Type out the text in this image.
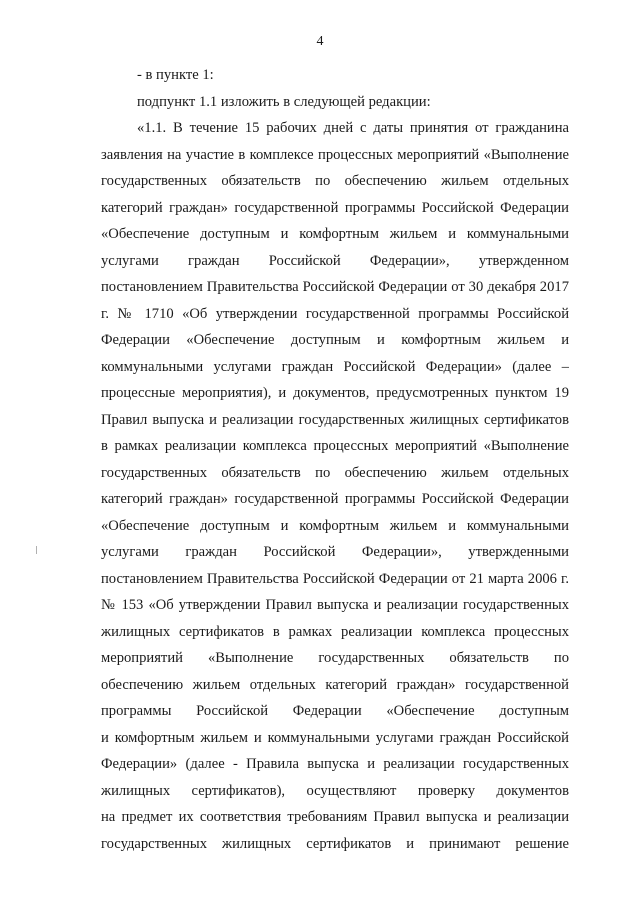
4
- в пункте 1:
подпункт 1.1 изложить в следующей редакции:
«1.1. В течение 15 рабочих дней с даты принятия от гражданина
заявления на участие в комплексе процессных мероприятий «Выполнение
государственных обязательств по обеспечению жильем отдельных
категорий граждан» государственной программы Российской Федерации
«Обеспечение доступным и комфортным жильем и коммунальными
услугами граждан Российской Федерации», утвержденном
постановлением Правительства Российской Федерации от 30 декабря 2017
г. № 1710 «Об утверждении государственной программы Российской
Федерации «Обеспечение доступным и комфортным жильем и
коммунальными услугами граждан Российской Федерации» (далее –
процессные мероприятия), и документов, предусмотренных пунктом 19
Правил выпуска и реализации государственных жилищных сертификатов
в рамках реализации комплекса процессных мероприятий «Выполнение
государственных обязательств по обеспечению жильем отдельных
категорий граждан» государственной программы Российской Федерации
«Обеспечение доступным и комфортным жильем и коммунальными
услугами граждан Российской Федерации», утвержденными
постановлением Правительства Российской Федерации от 21 марта 2006 г.
№ 153 «Об утверждении Правил выпуска и реализации государственных
жилищных сертификатов в рамках реализации комплекса процессных
мероприятий «Выполнение государственных обязательств по
обеспечению жильем отдельных категорий граждан» государственной
программы Российской Федерации «Обеспечение доступным
и комфортным жильем и коммунальными услугами граждан Российской
Федерации» (далее - Правила выпуска и реализации государственных
жилищных сертификатов), осуществляют проверку документов
на предмет их соответствия требованиям Правил выпуска и реализации
государственных жилищных сертификатов и принимают решение
